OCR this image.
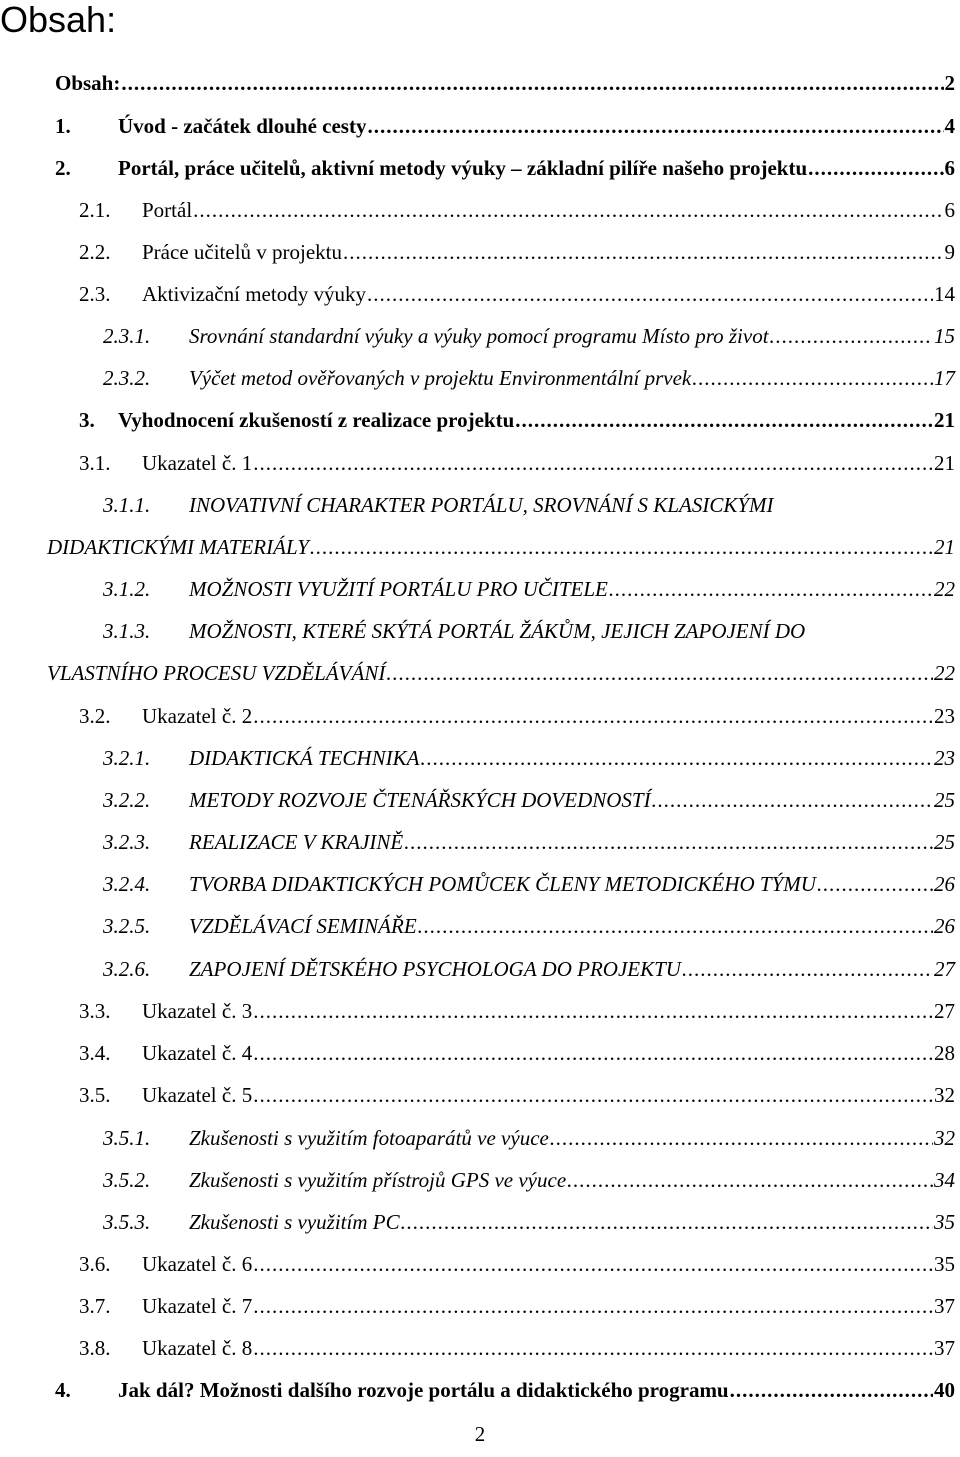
Obsah:
Obsah: .....	2
1.	Úvod - začátek dlouhé cesty .....	4
2.	Portál, práce učitelů, aktivní metody výuky – základní pilíře našeho projektu .....	6
2.1.	Portál .....	6
2.2.	Práce učitelů v projektu .....	9
2.3.	Aktivizační metody výuky .....	14
2.3.1.	Srovnání standardní výuky a výuky pomocí programu Místo pro život .....	15
2.3.2.	Výčet metod ověřovaných v projektu Environmentální prvek .....	17
3.	Vyhodnocení zkušeností z realizace projektu .....	21
3.1.	Ukazatel č. 1 .....	21
3.1.1. INOVATIVNÍ CHARAKTER PORTÁLU, SROVNÁNÍ S KLASICKÝMI
DIDAKTICKÝMI MATERIÁLY .....	21
3.1.2.	MOŽNOSTI VYUŽITÍ PORTÁLU PRO UČITELE .....	22
3.1.3. MOŽNOSTI, KTERÉ SKÝTÁ PORTÁL ŽÁKŮM, JEJICH ZAPOJENÍ DO
VLASTNÍHO PROCESU VZDĚLÁVÁNÍ .....	22
3.2.	Ukazatel č. 2 .....	23
3.2.1.	DIDAKTICKÁ TECHNIKA .....	23
3.2.2.	METODY ROZVOJE ČTENÁŘSKÝCH DOVEDNOSTÍ .....	25
3.2.3.	REALIZACE V KRAJINĚ .....	25
3.2.4.	TVORBA DIDAKTICKÝCH POMŮCEK ČLENY METODICKÉHO TÝMU .....	26
3.2.5.	VZDĚLÁVACÍ SEMINÁŘE .....	26
3.2.6.	ZAPOJENÍ DĚTSKÉHO PSYCHOLOGA DO PROJEKTU .....	27
3.3.	Ukazatel č. 3 .....	27
3.4.	Ukazatel č. 4 .....	28
3.5.	Ukazatel č. 5 .....	32
3.5.1.	Zkušenosti s využitím fotoaparátů ve výuce .....	32
3.5.2.	Zkušenosti s využitím přístrojů GPS ve výuce .....	34
3.5.3.	Zkušenosti s využitím PC .....	35
3.6.	Ukazatel č. 6 .....	35
3.7.	Ukazatel č. 7 .....	37
3.8.	Ukazatel č. 8 .....	37
4.	Jak dál? Možnosti dalšího rozvoje portálu a didaktického programu .....	40
2
